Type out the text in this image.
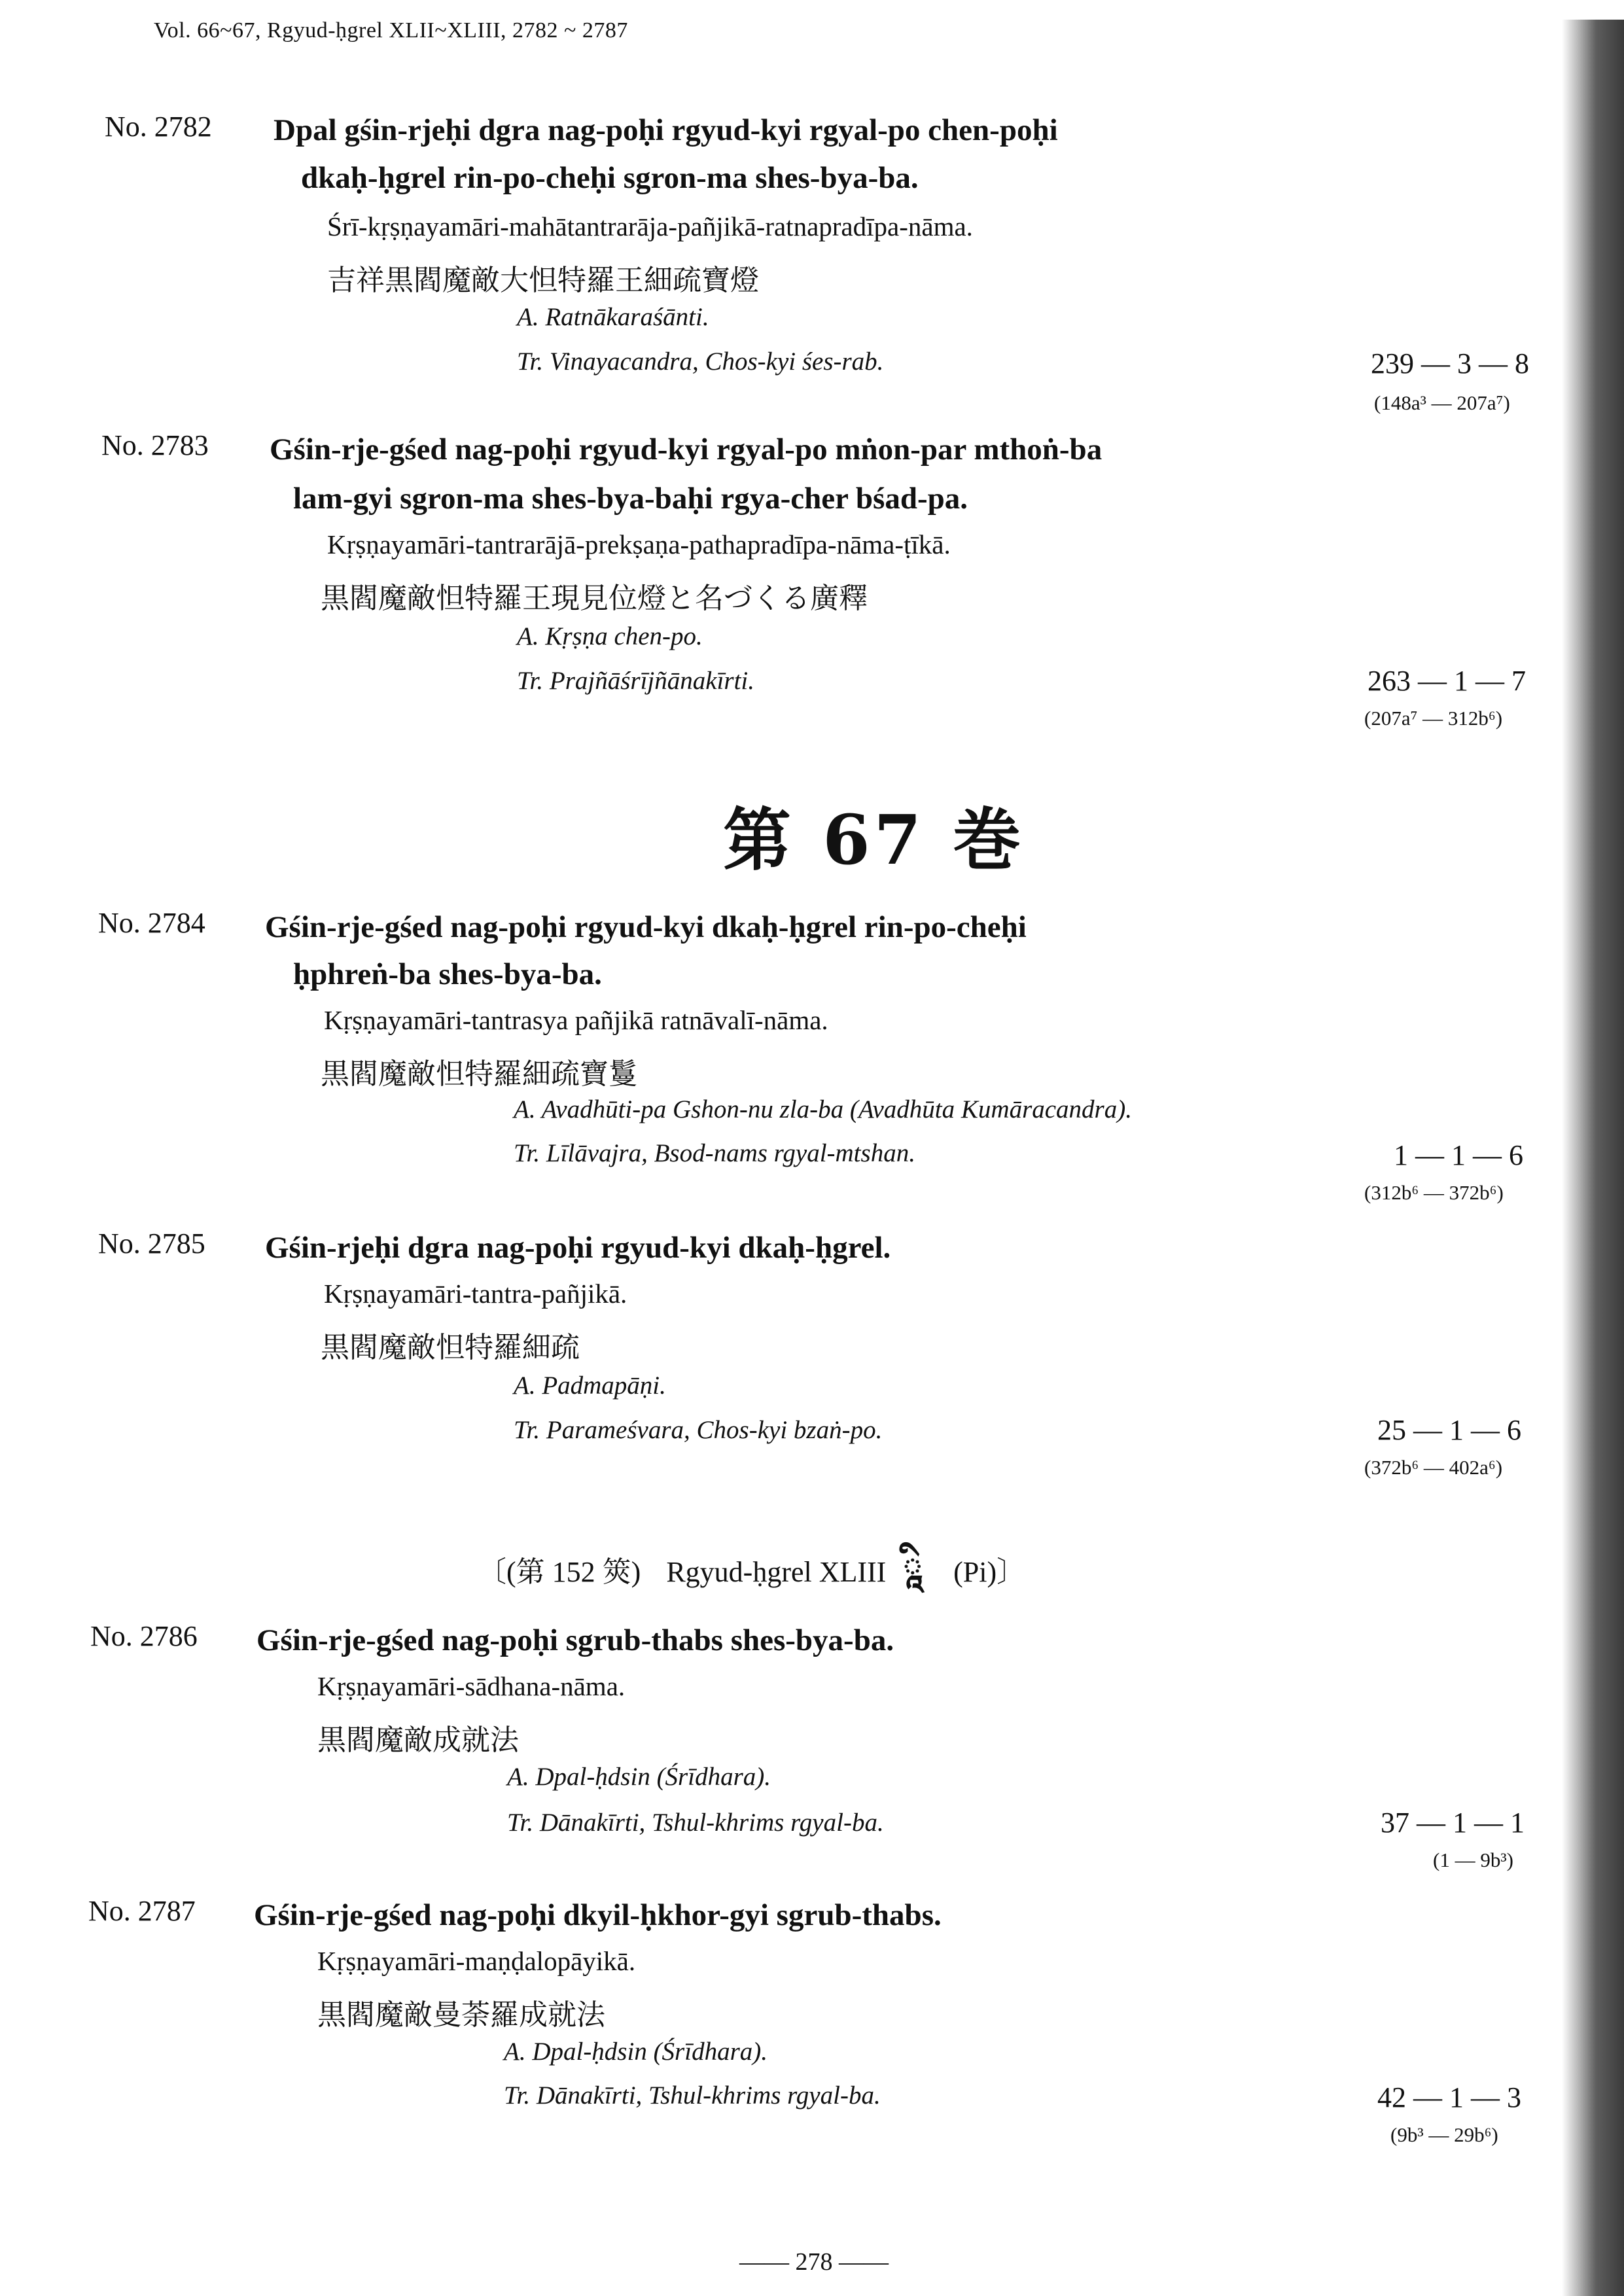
Vol. 66~67, Rgyud-ḥgrel XLII~XLIII, 2782 ~ 2787
No. 2782 Dpal gśin-rjeḥi dgra nag-poḥi rgyud-kyi rgyal-po chen-poḥi
dkaḥ-ḥgrel rin-po-cheḥi sgron-ma shes-bya-ba.
Śrī-kṛṣṇayamāri-mahātantrarāja-pañjikā-ratnapradīpa-nāma.
吉祥黒閻魔敵大怛特羅王細疏寶燈
A. Ratnākaraśānti.
Tr. Vinayacandra, Chos-kyi śes-rab.	239 — 3 — 8
(148a³ — 207a⁷)
No. 2783 Gśin-rje-gśed nag-poḥi rgyud-kyi rgyal-po mṅon-par mthoṅ-ba
lam-gyi sgron-ma shes-bya-baḥi rgya-cher bśad-pa.
Kṛṣṇayamāri-tantrarājā-prekṣaṇa-pathapradīpa-nāma-ṭīkā.
黒閻魔敵怛特羅王現見位燈と名づくる廣釋
A. Kṛṣṇa chen-po.
Tr. Prajñāśrījñānakīrti.	263 — 1 — 7
(207a⁷ — 312b⁶)
第 67 巻
No. 2784 Gśin-rje-gśed nag-poḥi rgyud-kyi dkaḥ-ḥgrel rin-po-cheḥi
ḥphreṅ-ba shes-bya-ba.
Kṛṣṇayamāri-tantrasya pañjikā ratnāvalī-nāma.
黒閻魔敵怛特羅細疏寶鬘
A. Avadhūti-pa Gshon-nu zla-ba (Avadhūta Kumāracandra).
Tr. Līlāvajra, Bsod-nams rgyal-mtshan.	1 — 1 — 6
(312b⁶ — 372b⁶)
No. 2785 Gśin-rjeḥi dgra nag-poḥi rgyud-kyi dkaḥ-ḥgrel.
Kṛṣṇayamāri-tantra-pañjikā.
黒閻魔敵怛特羅細疏
A. Padmapāṇi.
Tr. Parameśvara, Chos-kyi bzaṅ-po.	25 — 1 — 6
(372b⁶ — 402a⁶)
〔(第 152 筴) Rgyud-ḥgrel XLIII ཱི (Pi)〕
No. 2786 Gśin-rje-gśed nag-poḥi sgrub-thabs shes-bya-ba.
Kṛṣṇayamāri-sādhana-nāma.
黒閻魔敵成就法
A. Dpal-ḥdsin (Śrīdhara).
Tr. Dānakīrti, Tshul-khrims rgyal-ba.	37 — 1 — 1
(1 — 9b³)
No. 2787 Gśin-rje-gśed nag-poḥi dkyil-ḥkhor-gyi sgrub-thabs.
Kṛṣṇayamāri-maṇḍalopāyikā.
黒閻魔敵曼荼羅成就法
A. Dpal-ḥdsin (Śrīdhara).
Tr. Dānakīrti, Tshul-khrims rgyal-ba.	42 — 1 — 3
(9b³ — 29b⁶)
—— 278 ——
